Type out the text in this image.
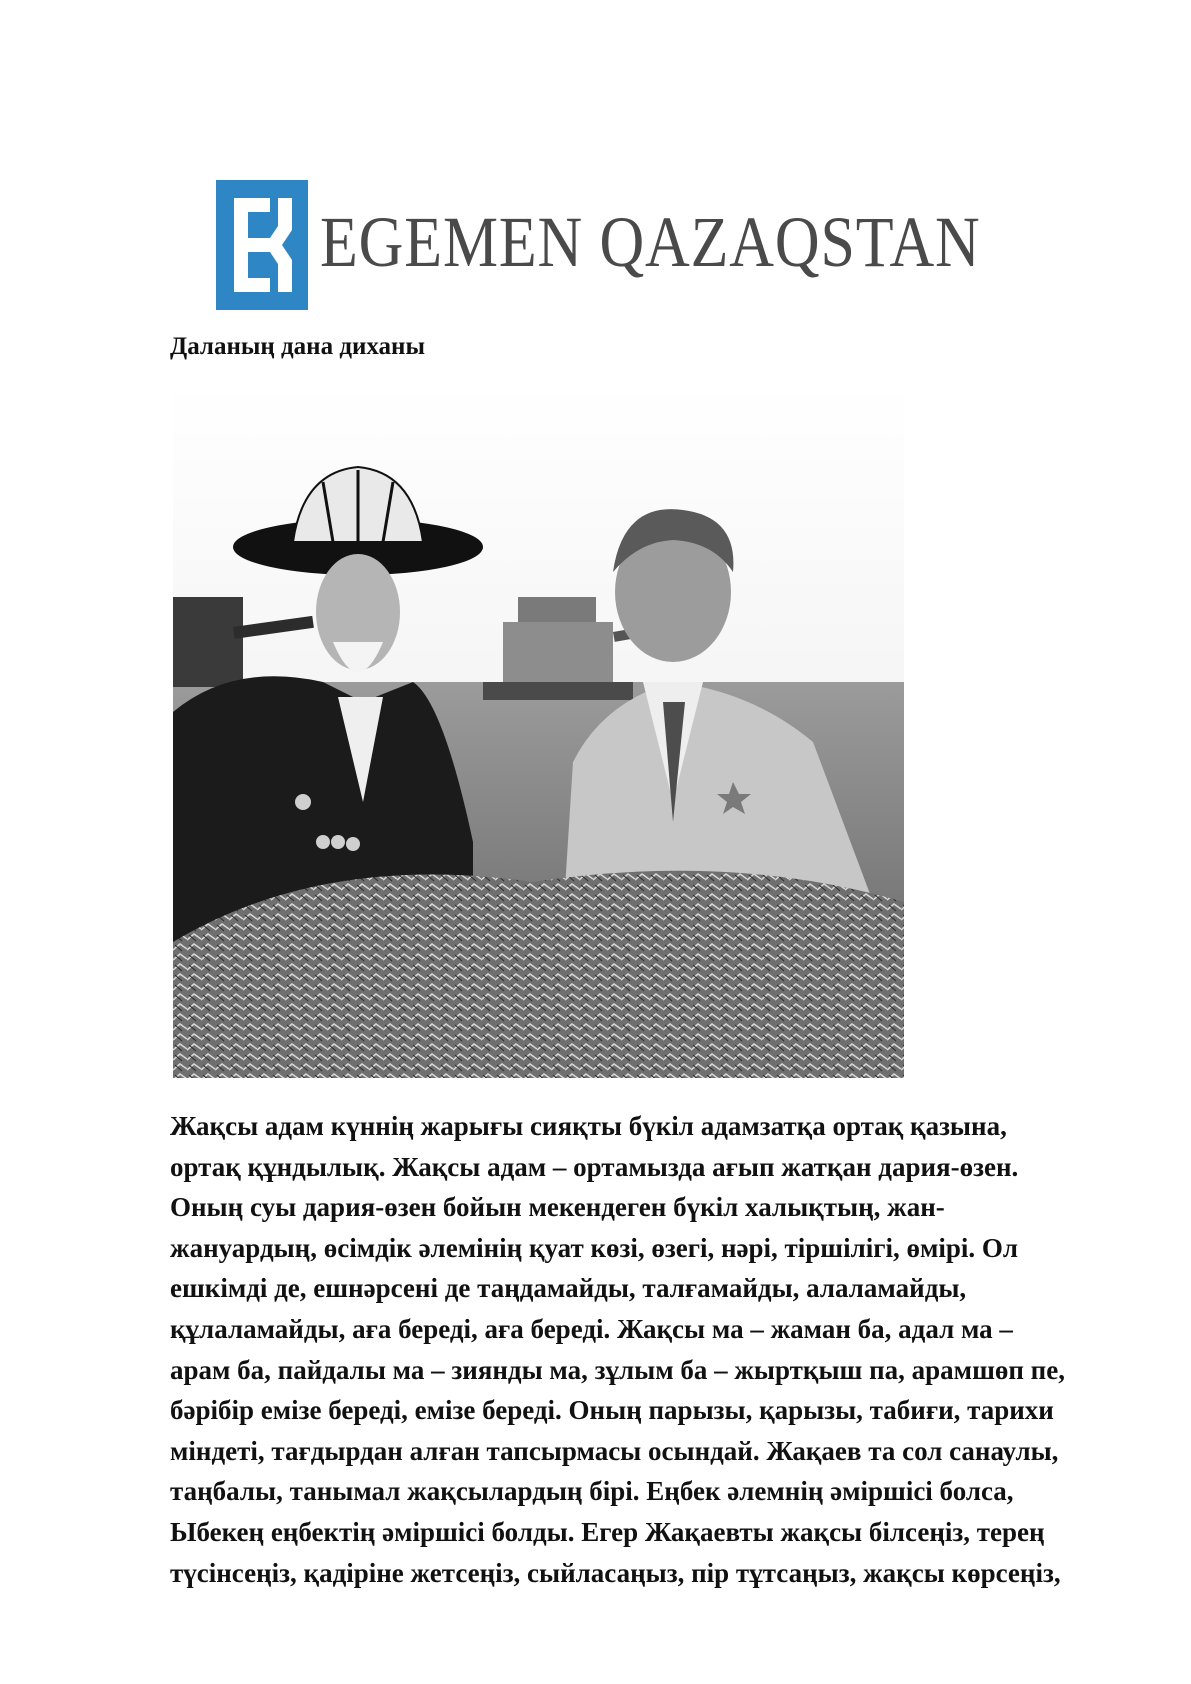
EGEMEN QAZAQSTAN
Даланың дана диханы

Жақсы адам күннің жарығы сияқты бүкіл адамзатқа ортақ қазына,
ортақ құндылық. Жақсы адам – ортамызда ағып жатқан дария-өзен.
Оның суы дария-өзен бойын мекендеген бүкіл халықтың, жан-
жануардың, өсімдік әлемінің қуат көзі, өзегі, нәрі, тіршілігі, өмірі. Ол
ешкімді де, ешнәрсені де таңдамайды, талғамайды, алаламайды,
құлаламайды, аға береді, аға береді. Жақсы ма – жаман ба, адал ма –
арам ба, пайдалы ма – зиянды ма, зұлым ба – жыртқыш па, арамшөп пе,
бәрібір емізе береді, емізе береді. Оның парызы, қарызы, табиғи, тарихи
міндеті, тағдырдан алған тапсырмасы осындай. Жақаев та сол санаулы,
таңбалы, танымал жақсылардың бірі. Еңбек әлемнің әміршісі болса,
Ыбекең еңбектің әміршісі болды. Егер Жақаевты жақсы білсеңіз, терең
түсінсеңіз, қадіріне жетсеңіз, сыйласаңыз, пір тұтсаңыз, жақсы көрсеңіз,
